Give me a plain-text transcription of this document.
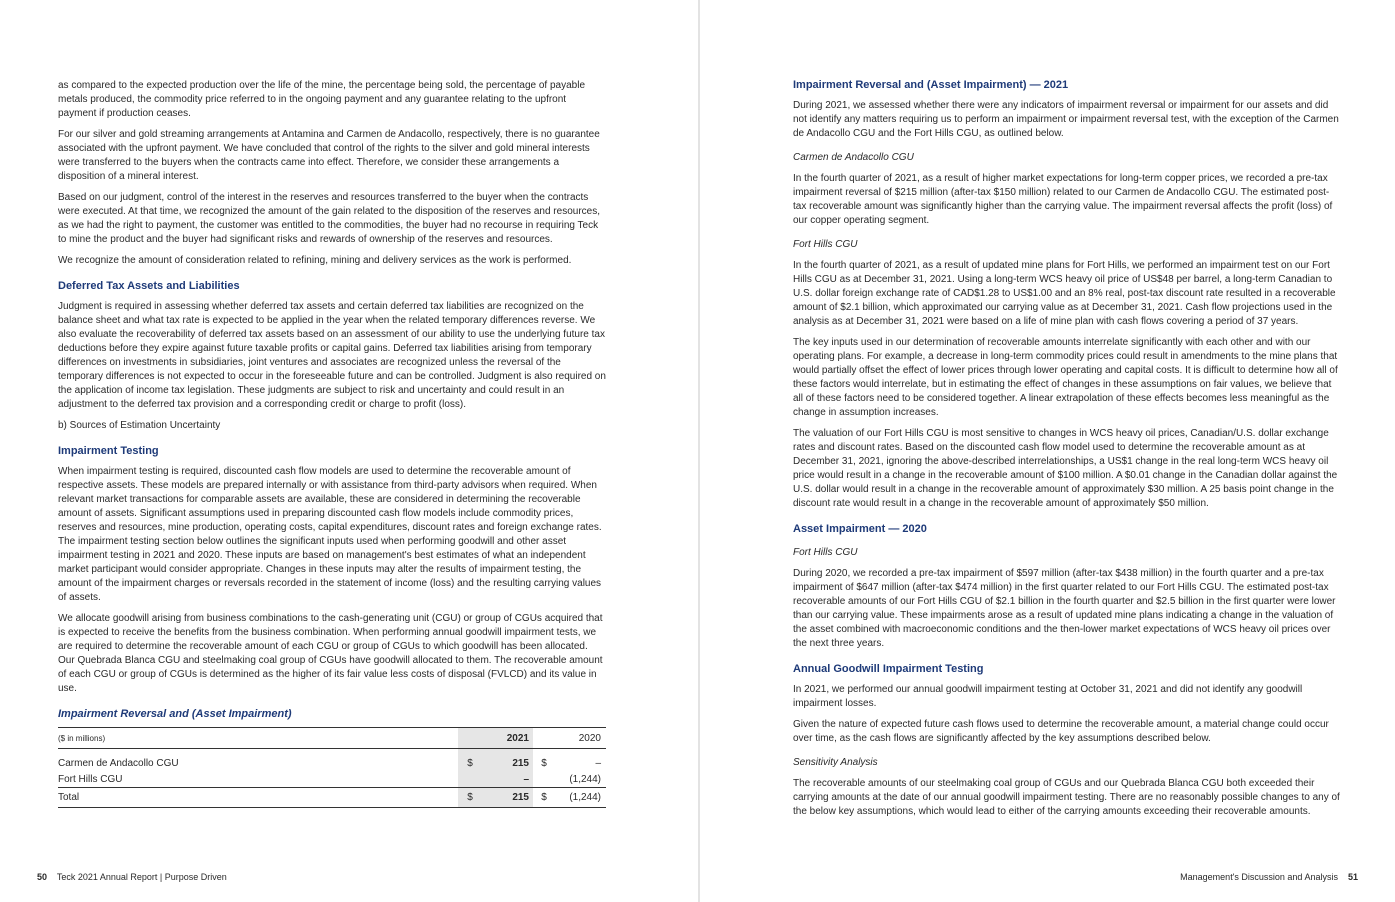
as compared to the expected production over the life of the mine, the percentage being sold, the percentage of payable metals produced, the commodity price referred to in the ongoing payment and any guarantee relating to the upfront payment if production ceases.

For our silver and gold streaming arrangements at Antamina and Carmen de Andacollo, respectively, there is no guarantee associated with the upfront payment. We have concluded that control of the rights to the silver and gold mineral interests were transferred to the buyers when the contracts came into effect. Therefore, we consider these arrangements a disposition of a mineral interest.

Based on our judgment, control of the interest in the reserves and resources transferred to the buyer when the contracts were executed. At that time, we recognized the amount of the gain related to the disposition of the reserves and resources, as we had the right to payment, the customer was entitled to the commodities, the buyer had no recourse in requiring Teck to mine the product and the buyer had significant risks and rewards of ownership of the reserves and resources.

We recognize the amount of consideration related to refining, mining and delivery services as the work is performed.

Deferred Tax Assets and Liabilities

Judgment is required in assessing whether deferred tax assets and certain deferred tax liabilities are recognized on the balance sheet and what tax rate is expected to be applied in the year when the related temporary differences reverse. We also evaluate the recoverability of deferred tax assets based on an assessment of our ability to use the underlying future tax deductions before they expire against future taxable profits or capital gains. Deferred tax liabilities arising from temporary differences on investments in subsidiaries, joint ventures and associates are recognized unless the reversal of the temporary differences is not expected to occur in the foreseeable future and can be controlled. Judgment is also required on the application of income tax legislation. These judgments are subject to risk and uncertainty and could result in an adjustment to the deferred tax provision and a corresponding credit or charge to profit (loss).

b) Sources of Estimation Uncertainty

Impairment Testing

When impairment testing is required, discounted cash flow models are used to determine the recoverable amount of respective assets. These models are prepared internally or with assistance from third-party advisors when required. When relevant market transactions for comparable assets are available, these are considered in determining the recoverable amount of assets. Significant assumptions used in preparing discounted cash flow models include commodity prices, reserves and resources, mine production, operating costs, capital expenditures, discount rates and foreign exchange rates. The impairment testing section below outlines the significant inputs used when performing goodwill and other asset impairment testing in 2021 and 2020. These inputs are based on management's best estimates of what an independent market participant would consider appropriate. Changes in these inputs may alter the results of impairment testing, the amount of the impairment charges or reversals recorded in the statement of income (loss) and the resulting carrying values of assets.

We allocate goodwill arising from business combinations to the cash-generating unit (CGU) or group of CGUs acquired that is expected to receive the benefits from the business combination. When performing annual goodwill impairment tests, we are required to determine the recoverable amount of each CGU or group of CGUs to which goodwill has been allocated. Our Quebrada Blanca CGU and steelmaking coal group of CGUs have goodwill allocated to them. The recoverable amount of each CGU or group of CGUs is determined as the higher of its fair value less costs of disposal (FVLCD) and its value in use.

Impairment Reversal and (Asset Impairment)
($ in millions)		2021		2020
Carmen de Andacollo CGU	$	215	$	–
Fort Hills CGU		–		(1,244)
Total	$	215	$	(1,244)
50 Teck 2021 Annual Report | Purpose Driven
Impairment Reversal and (Asset Impairment) — 2021

During 2021, we assessed whether there were any indicators of impairment reversal or impairment for our assets and did not identify any matters requiring us to perform an impairment or impairment reversal test, with the exception of the Carmen de Andacollo CGU and the Fort Hills CGU, as outlined below.

Carmen de Andacollo CGU

In the fourth quarter of 2021, as a result of higher market expectations for long-term copper prices, we recorded a pre-tax impairment reversal of $215 million (after-tax $150 million) related to our Carmen de Andacollo CGU. The estimated post-tax recoverable amount was significantly higher than the carrying value. The impairment reversal affects the profit (loss) of our copper operating segment.

Fort Hills CGU

In the fourth quarter of 2021, as a result of updated mine plans for Fort Hills, we performed an impairment test on our Fort Hills CGU as at December 31, 2021. Using a long-term WCS heavy oil price of US$48 per barrel, a long-term Canadian to U.S. dollar foreign exchange rate of CAD$1.28 to US$1.00 and an 8% real, post-tax discount rate resulted in a recoverable amount of $2.1 billion, which approximated our carrying value as at December 31, 2021. Cash flow projections used in the analysis as at December 31, 2021 were based on a life of mine plan with cash flows covering a period of 37 years.

The key inputs used in our determination of recoverable amounts interrelate significantly with each other and with our operating plans. For example, a decrease in long-term commodity prices could result in amendments to the mine plans that would partially offset the effect of lower prices through lower operating and capital costs. It is difficult to determine how all of these factors would interrelate, but in estimating the effect of changes in these assumptions on fair values, we believe that all of these factors need to be considered together. A linear extrapolation of these effects becomes less meaningful as the change in assumption increases.

The valuation of our Fort Hills CGU is most sensitive to changes in WCS heavy oil prices, Canadian/U.S. dollar exchange rates and discount rates. Based on the discounted cash flow model used to determine the recoverable amount as at December 31, 2021, ignoring the above-described interrelationships, a US$1 change in the real long-term WCS heavy oil price would result in a change in the recoverable amount of $100 million. A $0.01 change in the Canadian dollar against the U.S. dollar would result in a change in the recoverable amount of approximately $30 million. A 25 basis point change in the discount rate would result in a change in the recoverable amount of approximately $50 million.

Asset Impairment — 2020

Fort Hills CGU

During 2020, we recorded a pre-tax impairment of $597 million (after-tax $438 million) in the fourth quarter and a pre-tax impairment of $647 million (after-tax $474 million) in the first quarter related to our Fort Hills CGU. The estimated post-tax recoverable amounts of our Fort Hills CGU of $2.1 billion in the fourth quarter and $2.5 billion in the first quarter were lower than our carrying value. These impairments arose as a result of updated mine plans indicating a change in the valuation of the asset combined with macroeconomic conditions and the then-lower market expectations of WCS heavy oil prices over the next three years.

Annual Goodwill Impairment Testing

In 2021, we performed our annual goodwill impairment testing at October 31, 2021 and did not identify any goodwill impairment losses.

Given the nature of expected future cash flows used to determine the recoverable amount, a material change could occur over time, as the cash flows are significantly affected by the key assumptions described below.

Sensitivity Analysis

The recoverable amounts of our steelmaking coal group of CGUs and our Quebrada Blanca CGU both exceeded their carrying amounts at the date of our annual goodwill impairment testing. There are no reasonably possible changes to any of the below key assumptions, which would lead to either of the carrying amounts exceeding their recoverable amounts.

Management's Discussion and Analysis 51
